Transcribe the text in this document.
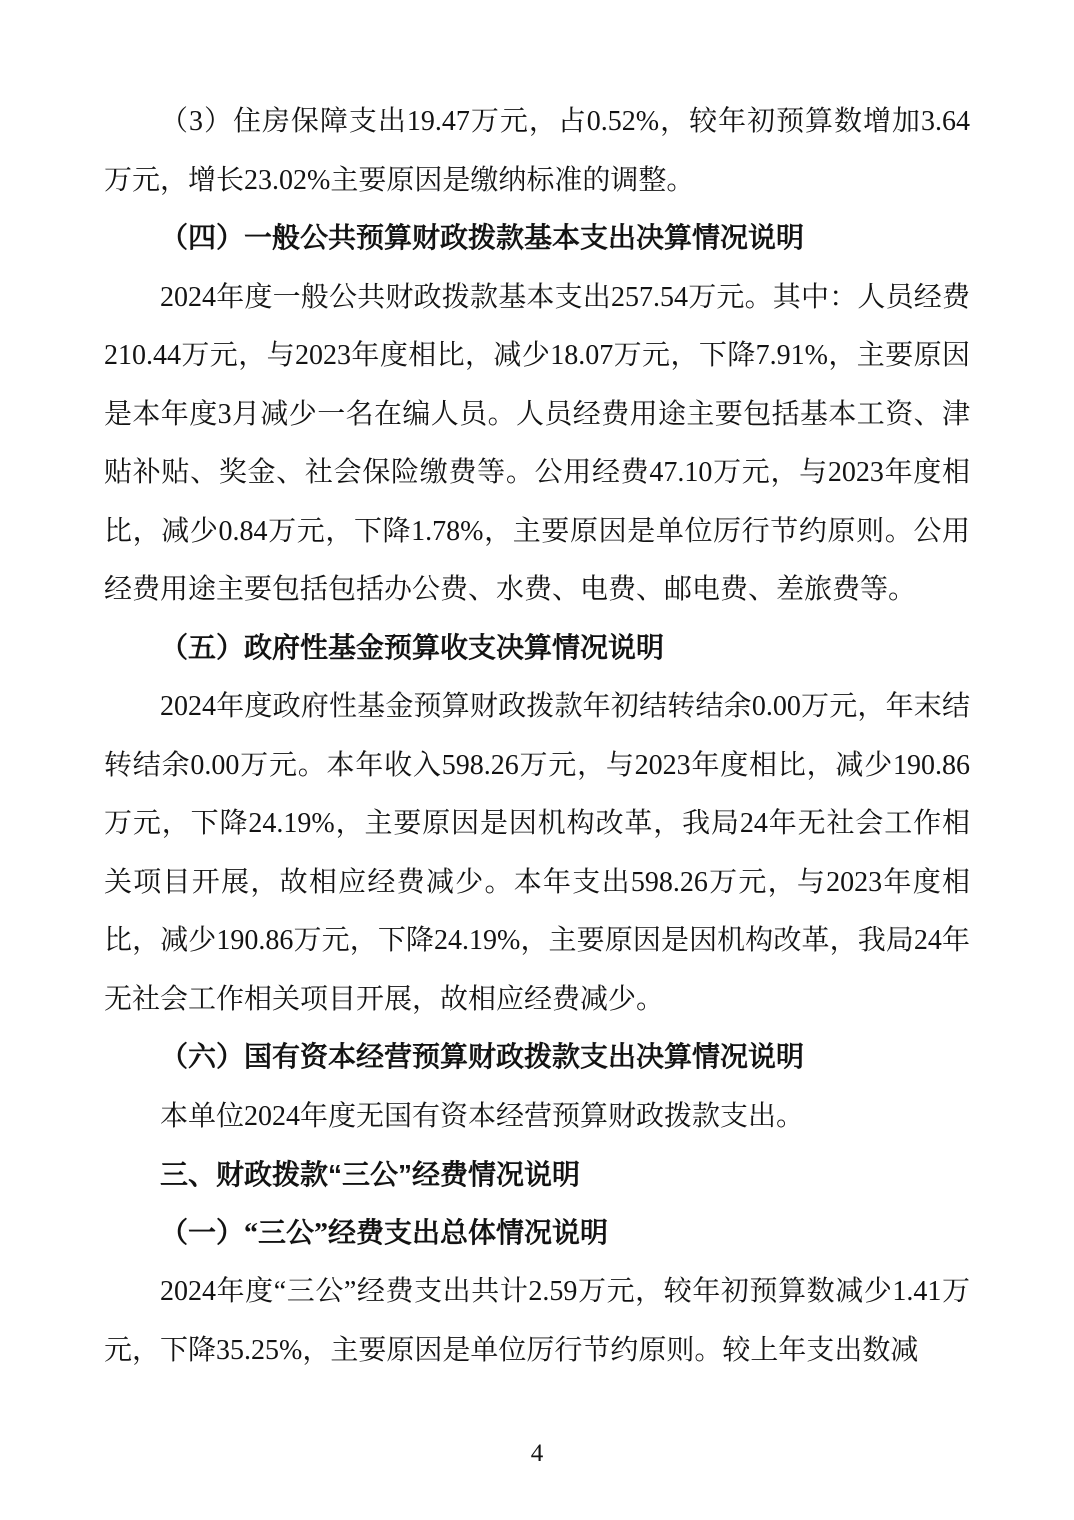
（3）住房保障支出19.47万元，占0.52%，较年初预算数增加3.64万元，增长23.02%主要原因是缴纳标准的调整。

（四）一般公共预算财政拨款基本支出决算情况说明

2024年度一般公共财政拨款基本支出257.54万元。其中：人员经费210.44万元，与2023年度相比，减少18.07万元，下降7.91%，主要原因是本年度3月减少一名在编人员。人员经费用途主要包括基本工资、津贴补贴、奖金、社会保险缴费等。公用经费47.10万元，与2023年度相比，减少0.84万元，下降1.78%，主要原因是单位厉行节约原则。公用经费用途主要包括包括办公费、水费、电费、邮电费、差旅费等。

（五）政府性基金预算收支决算情况说明

2024年度政府性基金预算财政拨款年初结转结余0.00万元，年末结转结余0.00万元。本年收入598.26万元，与2023年度相比，减少190.86万元，下降24.19%，主要原因是因机构改革，我局24年无社会工作相关项目开展，故相应经费减少。本年支出598.26万元，与2023年度相比，减少190.86万元，下降24.19%，主要原因是因机构改革，我局24年无社会工作相关项目开展，故相应经费减少。

（六）国有资本经营预算财政拨款支出决算情况说明

本单位2024年度无国有资本经营预算财政拨款支出。

三、财政拨款“三公”经费情况说明

（一）“三公”经费支出总体情况说明

2024年度“三公”经费支出共计2.59万元，较年初预算数减少1.41万元，下降35.25%，主要原因是单位厉行节约原则。较上年支出数减

4
